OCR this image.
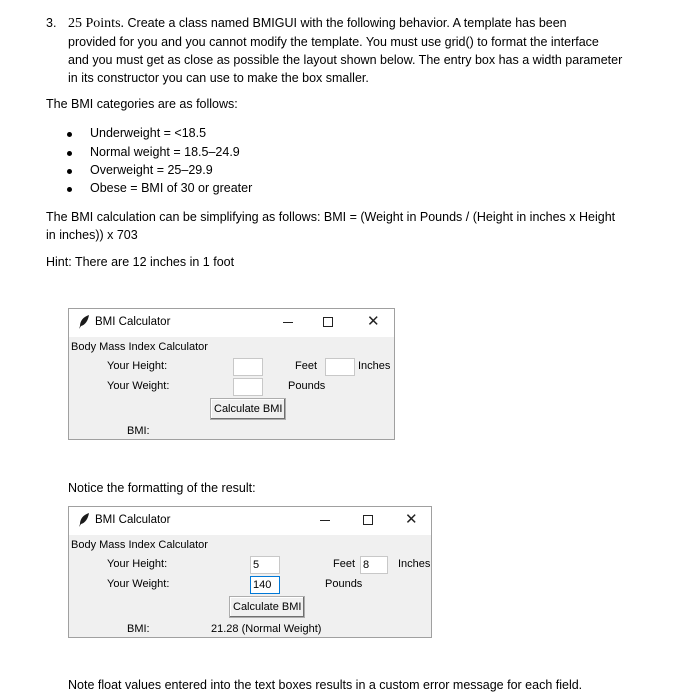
3. 25 Points. Create a class named BMIGUI with the following behavior. A template has been
provided for you and you cannot modify the template. You must use grid() to format the interface
and you must get as close as possible the layout shown below. The entry box has a width parameter
in its constructor you can use to make the box smaller.
The BMI categories are as follows:
Underweight = <18.5
Normal weight = 18.5–24.9
Overweight = 25–29.9
Obese = BMI of 30 or greater
The BMI calculation can be simplifying as follows: BMI = (Weight in Pounds / (Height in inches x Height
in inches)) x 703
Hint: There are 12 inches in 1 foot
BMI Calculator	✕
Body Mass Index Calculator
Your Height:
Your Weight:
Feet	Inches
Pounds
Calculate BMI
BMI:
Notice the formatting of the result:
BMI Calculator	✕
Body Mass Index Calculator
Your Height:
Your Weight:
5
140
Feet 8	Inches
Pounds
Calculate BMI
BMI:	21.28 (Normal Weight)
Note float values entered into the text boxes results in a custom error message for each field.
